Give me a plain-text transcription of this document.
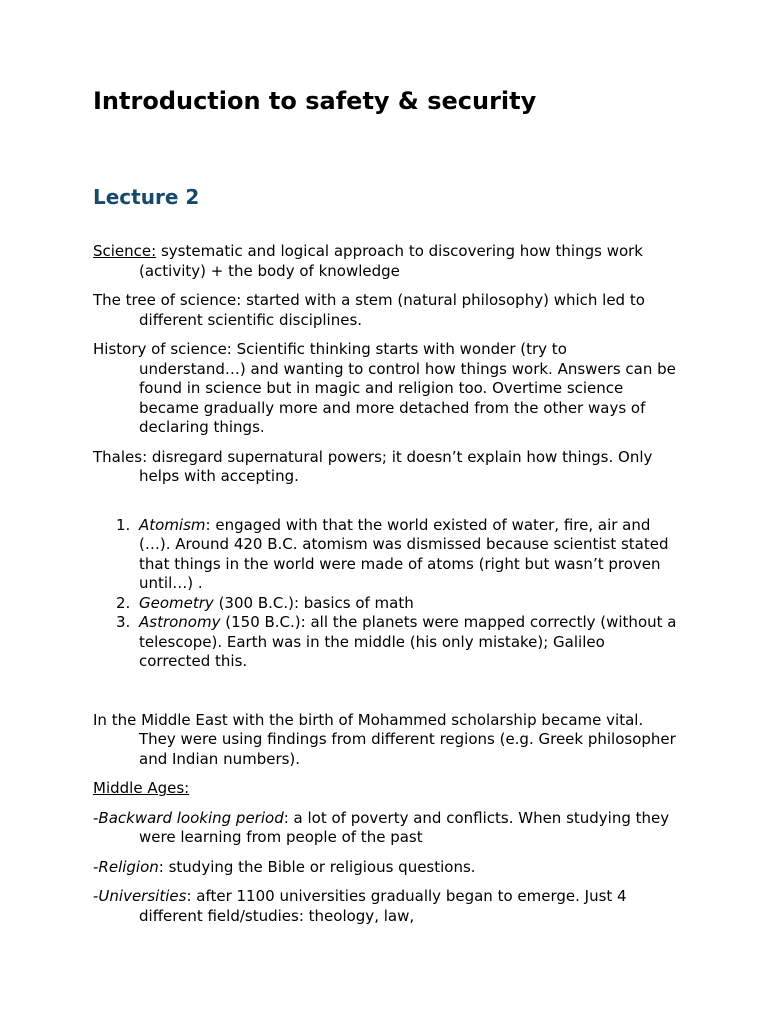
Introduction to safety & security
Lecture 2

Science: systematic and logical approach to discovering how things work (activity) + the body of knowledge

The tree of science: started with a stem (natural philosophy) which led to different scientific disciplines.

History of science: Scientific thinking starts with wonder (try to understand…) and wanting to control how things work. Answers can be found in science but in magic and religion too. Overtime science became gradually more and more detached from the other ways of declaring things.

Thales: disregard supernatural powers; it doesn’t explain how things. Only helps with accepting.

1. Atomism: engaged with that the world existed of water, fire, air and (…). Around 420 B.C. atomism was dismissed because scientist stated that things in the world were made of atoms (right but wasn’t proven until…) .
2. Geometry (300 B.C.): basics of math
3. Astronomy (150 B.C.): all the planets were mapped correctly (without a telescope). Earth was in the middle (his only mistake); Galileo corrected this.

In the Middle East with the birth of Mohammed scholarship became vital. They were using findings from different regions (e.g. Greek philosopher and Indian numbers).

Middle Ages:

-Backward looking period: a lot of poverty and conflicts. When studying they were learning from people of the past

-Religion: studying the Bible or religious questions.

-Universities: after 1100 universities gradually began to emerge. Just 4 different field/studies: theology, law,
